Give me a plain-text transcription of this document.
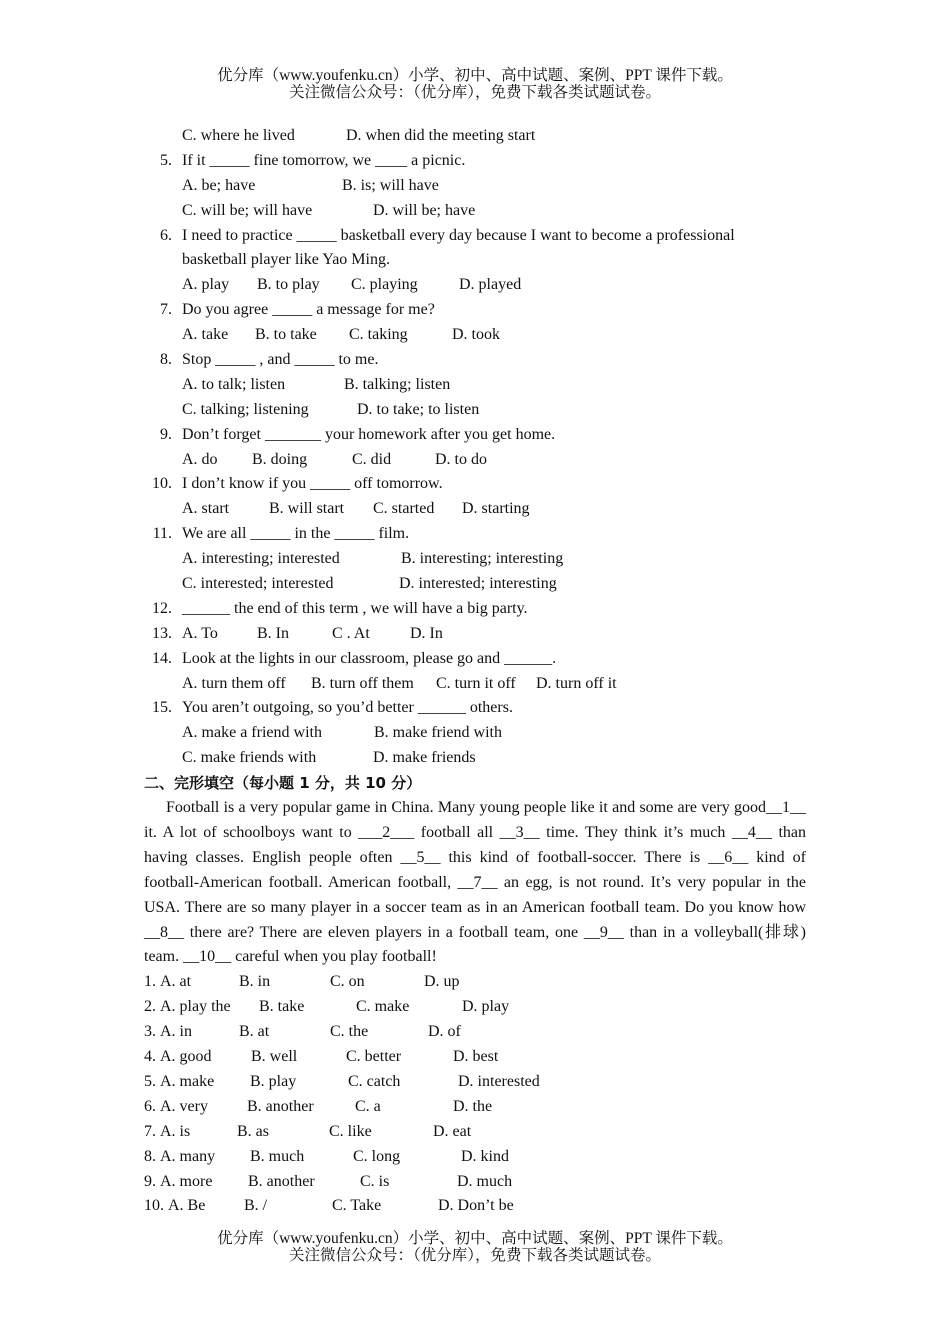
优分库（www.youfenku.cn）小学、初中、高中试题、案例、PPT 课件下载。
关注微信公众号：（优分库），免费下载各类试题试卷。
C. where he lived	D. when did the meeting start
5. If it _____ fine tomorrow, we ____ a picnic.
A. be; have	B. is; will have
C. will be; will have	D. will be; have
6. I need to practice _____ basketball every day because I want to become a professional
basketball player like Yao Ming.
A. play B. to play C. playing	D. played
7. Do you agree _____ a message for me?
A. take B. to take C. taking	D. took
8. Stop _____ , and _____ to me.
A. to talk; listen	B. talking; listen
C. talking; listening	D. to take; to listen
9. Don’t forget _______ your homework after you get home.
A. do B. doing	C. did	D. to do
10. I don’t know if you _____ off tomorrow.
A. start B. will start C. started D. starting
11. We are all _____ in the _____ film.
A. interesting; interested	B. interesting; interesting
C. interested; interested	D. interested; interesting
12. ______ the end of this term , we will have a big party.
13. A. To B. In	C . At	D. In
14. Look at the lights in our classroom, please go and ______.
A. turn them off B. turn off them C. turn it off D. turn off it
15. You aren’t outgoing, so you’d better ______ others.
A. make a friend with	B. make friend with
C. make friends with	D. make friends
二、完形填空（每小题 1 分，共 10 分）

Football is a very popular game in China. Many young people like it and some are very good__1__ it. A lot of schoolboys want to ___2___ football all __3__ time. They think it’s much __4__ than having classes. English people often __5__ this kind of football-soccer. There is __6__ kind of football-American football. American football, __7__ an egg, is not round. It’s very popular in the USA. There are so many player in a soccer team as in an American football team. Do you know how __8__ there are? There are eleven players in a football team, one __9__ than in a volleyball(排球) team. __10__ careful when you play football!

1. A. at	B. in	C. on	D. up
2. A. play the B. take	C. make	D. play
3. A. in	B. at	C. the	D. of
4. A. good B. well	C. better	D. best
5. A. make B. play	C. catch	D. interested
6. A. very B. another	C. a	D. the
7. A. is	B. as	C. like	D. eat
8. A. many B. much	C. long	D. kind
9. A. more B. another	C. is	D. much
10. A. Be B. /	C. Take	D. Don’t be
优分库（www.youfenku.cn）小学、初中、高中试题、案例、PPT 课件下载。
关注微信公众号：（优分库），免费下载各类试题试卷。
